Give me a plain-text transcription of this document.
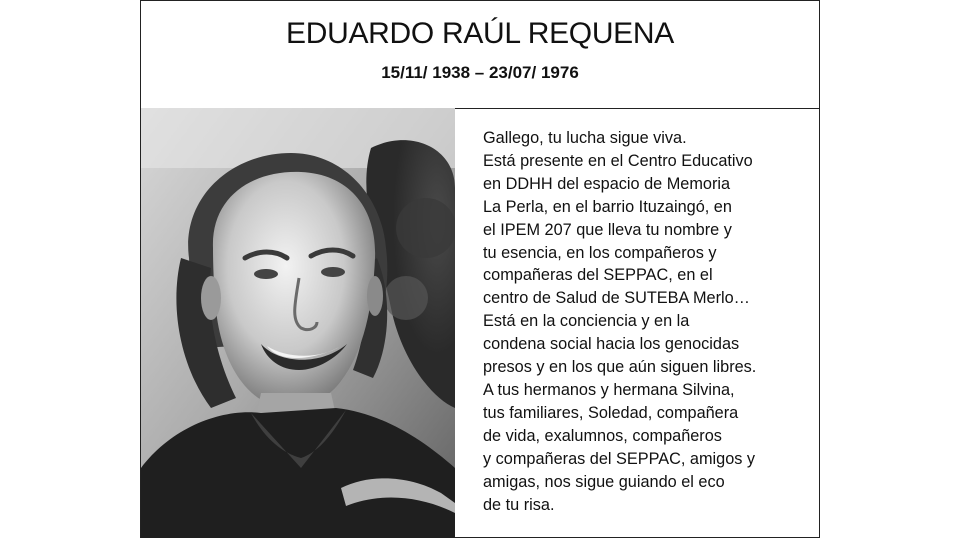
EDUARDO RAÚL REQUENA
15/11/ 1938 – 23/07/ 1976
Gallego, tu lucha sigue viva.
Está presente en el Centro Educativo
en DDHH del espacio de Memoria
La Perla, en el barrio Ituzaingó, en
el IPEM 207 que lleva tu nombre y
tu esencia, en los compañeros y
compañeras del SEPPAC, en el
centro de Salud de SUTEBA Merlo…
Está en la conciencia y en la
condena social hacia los genocidas
presos y en los que aún siguen libres.
A tus hermanos y hermana Silvina,
tus familiares, Soledad, compañera
de vida, exalumnos, compañeros
y compañeras del SEPPAC, amigos y
amigas, nos sigue guiando el eco
de tu risa.
